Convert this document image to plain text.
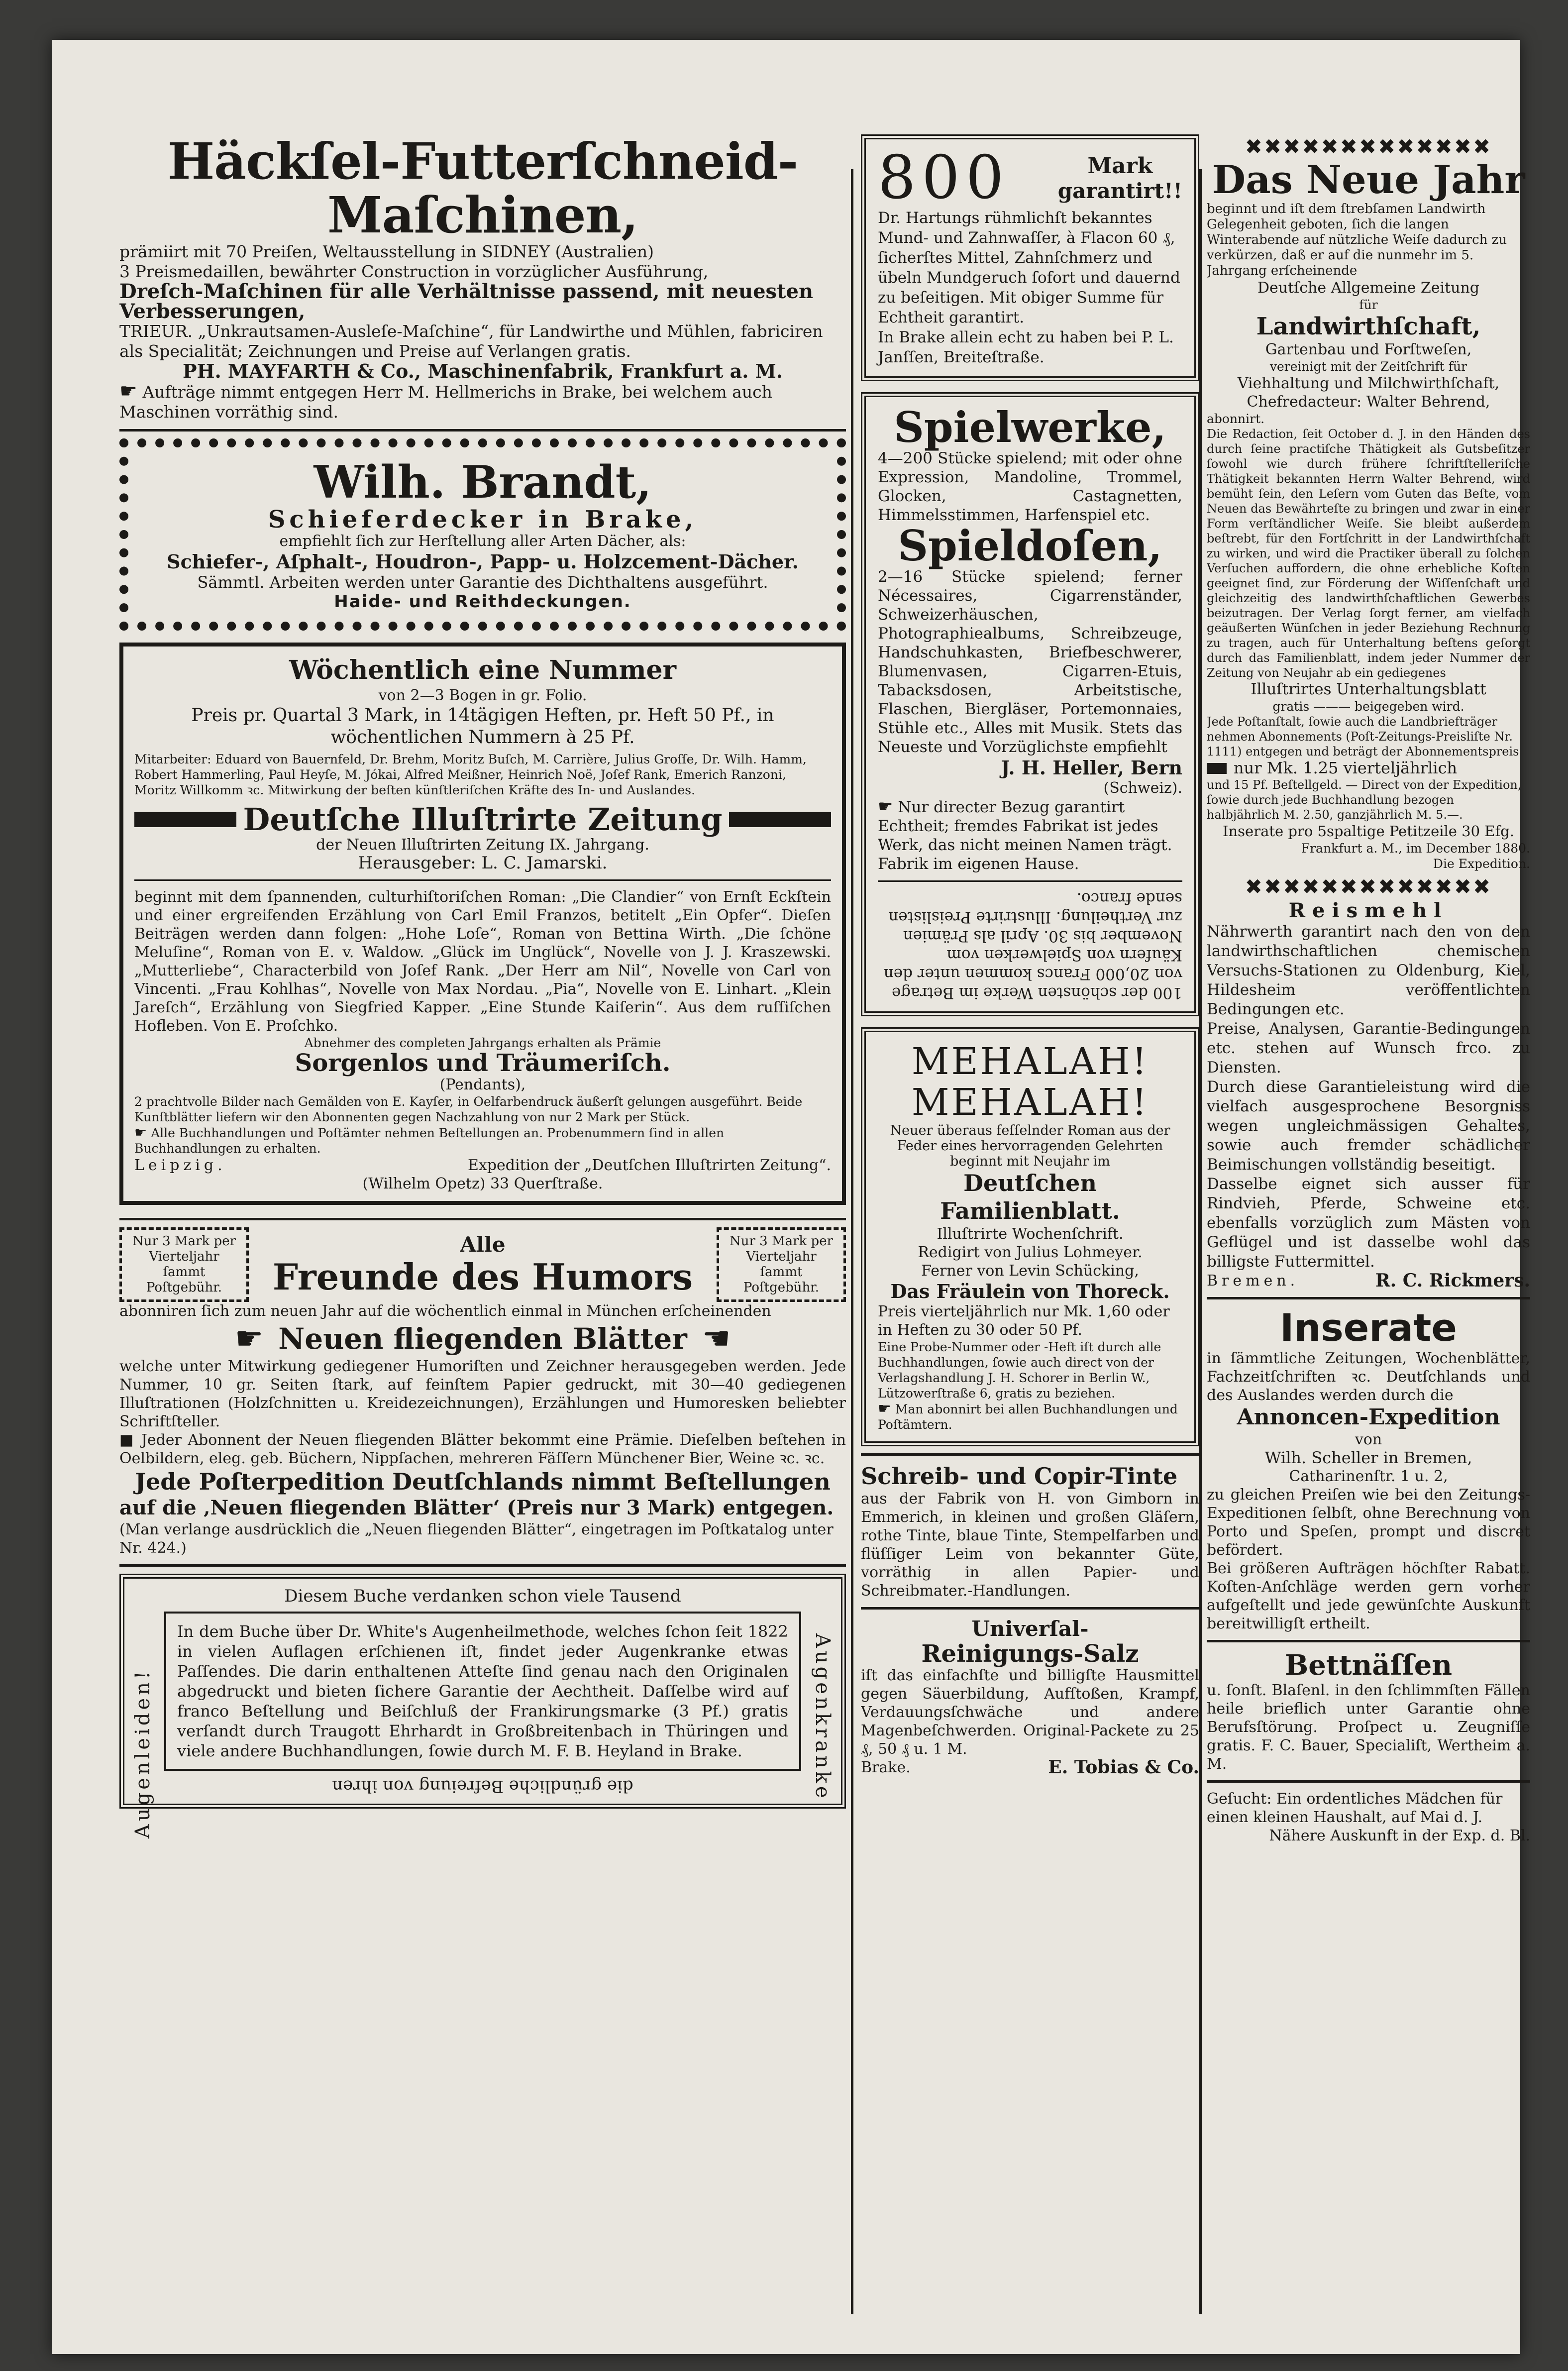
Häckſel-Futterſchneid-Maſchinen,

prämiirt mit 70 Preiſen, Weltausstellung in SIDNEY (Australien)

3 Preismedaillen, bewährter Construction in vorzüglicher Ausführung,

Dreſch-Maſchinen für alle Verhältnisse passend, mit neuesten Verbesserungen,

TRIEUR. „Unkrautsamen-Ausleſe-Maſchine“, für Landwirthe und Mühlen, fabriciren als Specialität; Zeichnungen und Preise auf Verlangen gratis.

PH. MAYFARTH & Co., Maschinenfabrik, Frankfurt a. M.

☛ Aufträge nimmt entgegen Herr M. Hellmerichs in Brake, bei welchem auch Maschinen vorräthig sind.

Wilh. Brandt,
Schieferdecker in Brake,
empfiehlt ſich zur Herſtellung aller Arten Dächer, als:
Schiefer-, Aſphalt-, Houdron-, Papp- u. Holzcement-Dächer.
Sämmtl. Arbeiten werden unter Garantie des Dichthaltens ausgeführt.
Haide- und Reithdeckungen.
Wöchentlich eine Nummer
von 2—3 Bogen in gr. Folio.
Preis pr. Quartal 3 Mark, in 14tägigen Heften, pr. Heft 50 Pf., in wöchentlichen Nummern à 25 Pf.
Mitarbeiter: Eduard von Bauernfeld, Dr. Brehm, Moritz Buſch, M. Carrière, Julius Groſſe, Dr. Wilh. Hamm, Robert Hammerling, Paul Heyſe, M. Jókai, Alfred Meißner, Heinrich Noë, Joſef Rank, Emerich Ranzoni, Moritz Willkomm ꝛc. Mitwirkung der beſten künſtleriſchen Kräfte des In- und Auslandes.
Deutſche Illuſtrirte Zeitung
der Neuen Illuſtrirten Zeitung IX. Jahrgang.
Herausgeber: L. C. Jamarski.
beginnt mit dem ſpannenden, culturhiſtoriſchen Roman: „Die Clandier“ von Ernſt Eckſtein und einer ergreifenden Erzählung von Carl Emil Franzos, betitelt „Ein Opfer“. Dieſen Beiträgen werden dann folgen: „Hohe Loſe“, Roman von Bettina Wirth. „Die ſchöne Meluſine“, Roman von E. v. Waldow. „Glück im Unglück“, Novelle von J. J. Kraszewski. „Mutterliebe“, Characterbild von Joſef Rank. „Der Herr am Nil“, Novelle von Carl von Vincenti. „Frau Kohlhas“, Novelle von Max Nordau. „Pia“, Novelle von E. Linhart. „Klein Jareſch“, Erzählung von Siegfried Kapper. „Eine Stunde Kaiſerin“. Aus dem ruſſiſchen Hofleben. Von E. Proſchko.
Abnehmer des completen Jahrgangs erhalten als Prämie
Sorgenlos und Träumeriſch.
(Pendants),
2 prachtvolle Bilder nach Gemälden von E. Kayſer, in Oelfarbendruck äußerſt gelungen ausgeführt. Beide Kunſtblätter liefern wir den Abonnenten gegen Nachzahlung von nur 2 Mark per Stück.
☛ Alle Buchhandlungen und Poſtämter nehmen Beſtellungen an. Probenummern ſind in allen Buchhandlungen zu erhalten.
Leipzig.	Expedition der „Deutſchen Illuſtrirten Zeitung“.
(Wilhelm Opetz) 33 Querſtraße.
Nur 3 Mark per Vierteljahr ſammt Poſtgebühr.
Alle
Freunde des Humors
Nur 3 Mark per Vierteljahr ſammt Poſtgebühr.
abonniren ſich zum neuen Jahr auf die wöchentlich einmal in München erſcheinenden
☛ Neuen fliegenden Blätter ☛
welche unter Mitwirkung gediegener Humoriſten und Zeichner herausgegeben werden. Jede Nummer, 10 gr. Seiten ſtark, auf feinſtem Papier gedruckt, mit 30—40 gediegenen Illuſtrationen (Holzſchnitten u. Kreidezeichnungen), Erzählungen und Humoresken beliebter Schriftſteller.
■ Jeder Abonnent der Neuen fliegenden Blätter bekommt eine Prämie. Dieſelben beſtehen in Oelbildern, eleg. geb. Büchern, Nippſachen, mehreren Fäſſern Münchener Bier, Weine ꝛc. ꝛc.
Jede Poſterpedition Deutſchlands nimmt Beſtellungen
auf die ‚Neuen fliegenden Blätter‘ (Preis nur 3 Mark) entgegen.
(Man verlange ausdrücklich die „Neuen fliegenden Blätter“, eingetragen im Poſtkatalog unter Nr. 424.)
Diesem Buche verdanken schon viele Tausend
Augenleiden!	Augenkranke
In dem Buche über Dr. White's Augenheilmethode, welches ſchon ſeit 1822 in vielen Auflagen erſchienen iſt, findet jeder Augenkranke etwas Paſſendes. Die darin enthaltenen Atteſte ſind genau nach den Originalen abgedruckt und bieten ſichere Garantie der Aechtheit. Daſſelbe wird auf franco Beſtellung und Beiſchluß der Frankirungsmarke (3 Pf.) gratis verſandt durch Traugott Ehrhardt in Großbreitenbach in Thüringen und viele andere Buchhandlungen, ſowie durch M. F. B. Heyland in Brake.
die gründliche Befreiung von ihren
800	Mark
garantirt!!
Dr. Hartungs rühmlichſt bekanntes Mund- und Zahnwaſſer, à Flacon 60 ₰, ſicherſtes Mittel, Zahnſchmerz und übeln Mundgeruch ſofort und dauernd zu beſeitigen. Mit obiger Summe für Echtheit garantirt.
In Brake allein echt zu haben bei P. L. Janſſen, Breiteſtraße.
Spielwerke,
4—200 Stücke spielend; mit oder ohne Expression, Mandoline, Trommel, Glocken, Castagnetten, Himmelsstimmen, Harfenspiel etc.
Spieldoſen,
2—16 Stücke spielend; ferner Nécessaires, Cigarrenständer, Schweizerhäuschen, Photographiealbums, Schreibzeuge, Handschuhkasten, Briefbeschwerer, Blumenvasen, Cigarren-Etuis, Tabacksdosen, Arbeitstische, Flaschen, Biergläser, Portemonnaies, Stühle etc., Alles mit Musik. Stets das Neueste und Vorzüglichste empfiehlt
J. H. Heller, Bern
(Schweiz).
☛ Nur directer Bezug garantirt Echtheit; fremdes Fabrikat ist jedes Werk, das nicht meinen Namen trägt. Fabrik im eigenen Hause.
100 der schönsten Werke im Betrage von 20,000 Francs kommen unter den Käufern von Spielwerken vom November bis 30. April als Prämien zur Vertheilung. Illustrirte Preislisten sende franco.
MEHALAH!
MEHALAH!
Neuer überaus feſſelnder Roman aus der Feder eines hervorragenden Gelehrten beginnt mit Neujahr im
Deutſchen Familienblatt.
Illuſtrirte Wochenſchrift.
Redigirt von Julius Lohmeyer.
Ferner von Levin Schücking,
Das Fräulein von Thoreck.
Preis vierteljährlich nur Mk. 1,60 oder in Heften zu 30 oder 50 Pf.
Eine Probe-Nummer oder -Heft iſt durch alle Buchhandlungen, ſowie auch direct von der Verlagshandlung J. H. Schorer in Berlin W., Lützowerſtraße 6, gratis zu beziehen.
☛ Man abonnirt bei allen Buchhandlungen und Poſtämtern.
Schreib- und Copir-Tinte
aus der Fabrik von H. von Gimborn in Emmerich, in kleinen und großen Gläſern, rothe Tinte, blaue Tinte, Stempelfarben und flüſſiger Leim von bekannter Güte, vorräthig in allen Papier- und Schreibmater.-Handlungen.
Univerſal-
Reinigungs-Salz
iſt das einfachſte und billigſte Hausmittel gegen Säuerbildung, Aufſtoßen, Krampf, Verdauungsſchwäche und andere Magenbeſchwerden. Original-Packete zu 25 ₰, 50 ₰ u. 1 M.
Brake.	E. Tobias & Co.
✖✖✖✖✖✖✖✖✖✖✖✖✖
Das Neue Jahr
beginnt und iſt dem ſtrebſamen Landwirth Gelegenheit geboten, ſich die langen Winterabende auf nützliche Weiſe dadurch zu verkürzen, daß er auf die nunmehr im 5. Jahrgang erſcheinende
Deutſche Allgemeine Zeitung
für
Landwirthſchaft,
Gartenbau und Forſtweſen,
vereinigt mit der Zeitſchrift für
Viehhaltung und Milchwirthſchaft,
Chefredacteur: Walter Behrend,
abonnirt.
Die Redaction, ſeit October d. J. in den Händen des durch ſeine practiſche Thätigkeit als Gutsbeſitzer ſowohl wie durch frühere ſchriftſtelleriſche Thätigkeit bekannten Herrn Walter Behrend, wird bemüht ſein, den Leſern vom Guten das Beſte, vom Neuen das Bewährteſte zu bringen und zwar in einer Form verſtändlicher Weiſe. Sie bleibt außerdem beſtrebt, für den Fortſchritt in der Landwirthſchaft zu wirken, und wird die Practiker überall zu ſolchen Verſuchen auffordern, die ohne erhebliche Koſten geeignet ſind, zur Förderung der Wiſſenſchaft und gleichzeitig des landwirthſchaftlichen Gewerbes beizutragen. Der Verlag ſorgt ferner, am vielfach geäußerten Wünſchen in jeder Beziehung Rechnung zu tragen, auch für Unterhaltung beſtens geſorgt durch das Familienblatt, indem jeder Nummer der Zeitung von Neujahr ab ein gediegenes
Illuſtrirtes Unterhaltungsblatt
gratis ——— beigegeben wird.
Jede Poſtanſtalt, ſowie auch die Landbriefträger nehmen Abonnements (Poſt-Zeitungs-Preisliſte Nr. 1111) entgegen und beträgt der Abonnementspreis
nur Mk. 1.25 vierteljährlich
und 15 Pf. Beſtellgeld. — Direct von der Expedition, ſowie durch jede Buchhandlung bezogen halbjährlich M. 2.50, ganzjährlich M. 5.—.
Inserate pro 5spaltige Petitzeile 30 Efg.
Frankfurt a. M., im December 1880.
Die Expedition.
✖✖✖✖✖✖✖✖✖✖✖✖✖
Reismehl
Nährwerth garantirt nach den von den landwirthschaftlichen chemischen Versuchs-Stationen zu Oldenburg, Kiel, Hildesheim veröffentlichten Bedingungen etc.
Preise, Analysen, Garantie-Bedingungen etc. stehen auf Wunsch frco. zu Diensten.
Durch diese Garantieleistung wird die vielfach ausgesprochene Besorgniss wegen ungleichmässigen Gehaltes, sowie auch fremder schädlicher Beimischungen vollständig beseitigt.
Dasselbe eignet sich ausser für Rindvieh, Pferde, Schweine etc. ebenfalls vorzüglich zum Mästen von Geflügel und ist dasselbe wohl das billigste Futtermittel.
Bremen.	R. C. Rickmers.
Inserate
in ſämmtliche Zeitungen, Wochenblätter, Fachzeitſchriften ꝛc. Deutſchlands und des Auslandes werden durch die
Annoncen-Expedition
von
Wilh. Scheller in Bremen,
Catharinenſtr. 1 u. 2,
zu gleichen Preiſen wie bei den Zeitungs-Expeditionen ſelbſt, ohne Berechnung von Porto und Speſen, prompt und discret befördert.
Bei größeren Aufträgen höchſter Rabatt. Koſten-Anſchläge werden gern vorher aufgeſtellt und jede gewünſchte Auskunft bereitwilligſt ertheilt.
Bettnäſſen
u. ſonſt. Blaſenl. in den ſchlimmſten Fällen heile brieflich unter Garantie ohne Berufsſtörung. Proſpect u. Zeugniſſe gratis. F. C. Bauer, Specialiſt, Wertheim a. M.
Geſucht: Ein ordentliches Mädchen für einen kleinen Haushalt, auf Mai d. J.
Nähere Auskunft in der Exp. d. Bl.
